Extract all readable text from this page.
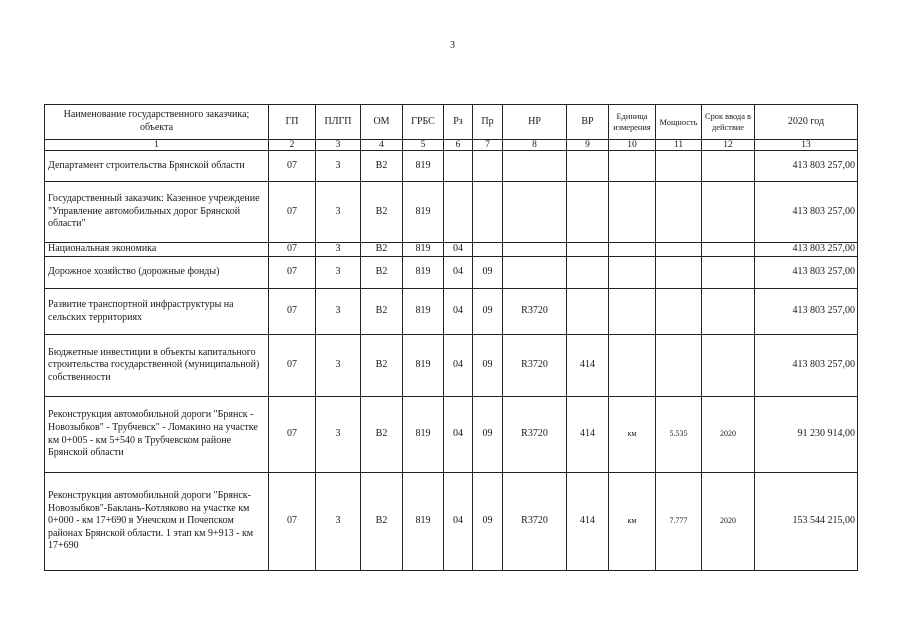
3
Наименование государственного заказчика; объекта	ГП	ПЛГП	ОМ	ГРБС	Рз	Пр	НР	ВР	Единица измерения	Мощность	Срок ввода в действие	2020 год
1	2	3	4	5	6	7	8	9	10	11	12	13
Департамент строительства Брянской области	07	3	В2	819								413 803 257,00
Государственный заказчик: Казенное учреждение "Управление автомобильных дорог Брянской области"	07	3	В2	819								413 803 257,00
Национальная экономика	07	3	В2	819	04							413 803 257,00
Дорожное хозяйство (дорожные фонды)	07	3	В2	819	04	09						413 803 257,00
Развитие транспортной инфраструктуры на сельских территориях	07	3	В2	819	04	09	R3720					413 803 257,00
Бюджетные инвестиции в объекты капитального строительства государственной (муниципальной) собственности	07	3	В2	819	04	09	R3720	414				413 803 257,00
Реконструкция автомобильной дороги "Брянск - Новозыбков" - Трубчевск" - Ломакино на участке км 0+005 - км 5+540 в Трубчевском районе Брянской области	07	3	В2	819	04	09	R3720	414	км	5.535	2020	91 230 914,00
Реконструкция автомобильной дороги "Брянск-Новозыбков"-Баклань-Котляково на участке км 0+000 - км 17+690 в Унечском и Почепском районах Брянской области. 1 этап км 9+913 - км 17+690	07	3	В2	819	04	09	R3720	414	км	7.777	2020	153 544 215,00
